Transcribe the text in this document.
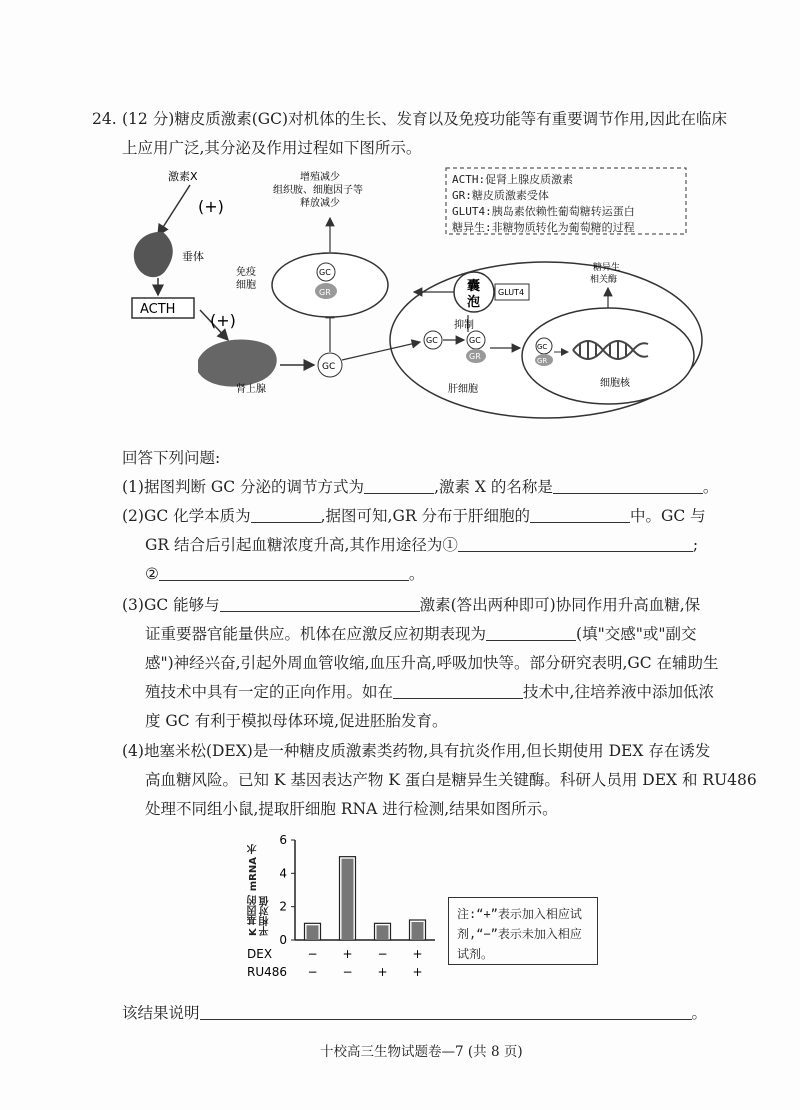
24. (12 分)糖皮质激素(GC)对机体的生长、发育以及免疫功能等有重要调节作用,因此在临床
上应用广泛,其分泌及作用过程如下图所示。
激素X
(+)
垂体
ACTH
(+)
肾上腺
GC
免疫
细胞
GC
GR
增殖减少
组织胺、细胞因子等
释放减少
囊
泡
GLUT4
抑制
GC	GC
GR
GC
GR
细胞核
糖异生
相关酶
肝细胞
ACTH:促肾上腺皮质激素
GR:糖皮质激素受体
GLUT4:胰岛素依赖性葡萄糖转运蛋白
糖异生:非糖物质转化为葡萄糖的过程
回答下列问题:
(1)据图判断 GC 分泌的调节方式为	,激素 X 的名称是	。
(2)GC 化学本质为	,据图可知,GR 分布于肝细胞的	中。GC 与
GR 结合后引起血糖浓度升高,其作用途径为①	;
②	。
(3)GC 能够与	激素(答出两种即可)协同作用升高血糖,保
证重要器官能量供应。机体在应激反应初期表现为	(填"交感"或"副交
感")神经兴奋,引起外周血管收缩,血压升高,呼吸加快等。部分研究表明,GC 在辅助生
殖技术中具有一定的正向作用。如在	技术中,往培养液中添加低浓
度 GC 有利于模拟母体环境,促进胚胎发育。
(4)地塞米松(DEX)是一种糖皮质激素类药物,具有抗炎作用,但长期使用 DEX 存在诱发
高血糖风险。已知 K 基因表达产物 K 蛋白是糖异生关键酶。科研人员用 DEX 和 RU486
处理不同组小鼠,提取肝细胞 RNA 进行检测,结果如图所示。
0
2
4
6
−
−
+
−
−
+
+
+
DEX
RU486
K 基因的 mRNA 水平相对值	注:“+”表示加入相应试剂,“−”表示未加入相应试剂。
该结果说明	。
十校高三生物试题卷—7 (共 8 页)
